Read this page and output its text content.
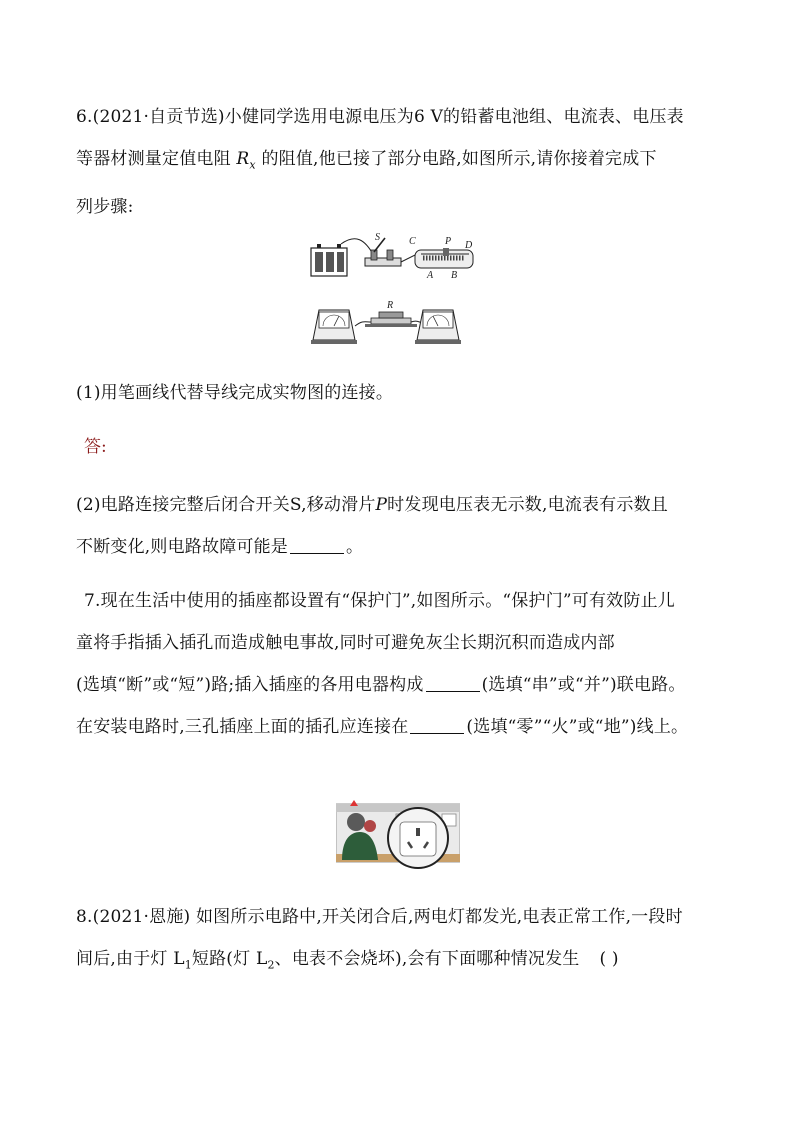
6.(2021·自贡节选)小健同学选用电源电压为6 V的铅蓄电池组、电流表、电压表
等器材测量定值电阻 $R_x$ 的阻值,他已接了部分电路,如图所示,请你接着完成下
列步骤:

S	C	P D
A B
R

(1)用笔画线代替导线完成实物图的连接。

答:

(2)电路连接完整后闭合开关S,移动滑片P时发现电压表无示数,电流表有示数且
不断变化,则电路故障可能是	。

7.现在生活中使用的插座都设置有“保护门”,如图所示。“保护门”可有效防止儿

童将手指插入插孔而造成触电事故,同时可避免灰尘长期沉积而造成内部
(选填“断”或“短”)路;插入插座的各用电器构成	(选填“串”或“并”)联电路。
在安装电路时,三孔插座上面的插孔应连接在	(选填“零”“火”或“地”)线上。

8.(2021·恩施) 如图所示电路中,开关闭合后,两电灯都发光,电表正常工作,一段时
间后,由于灯 $L_1$短路(灯 $L_2$、电表不会烧坏),会有下面哪种情况发生 ( )
